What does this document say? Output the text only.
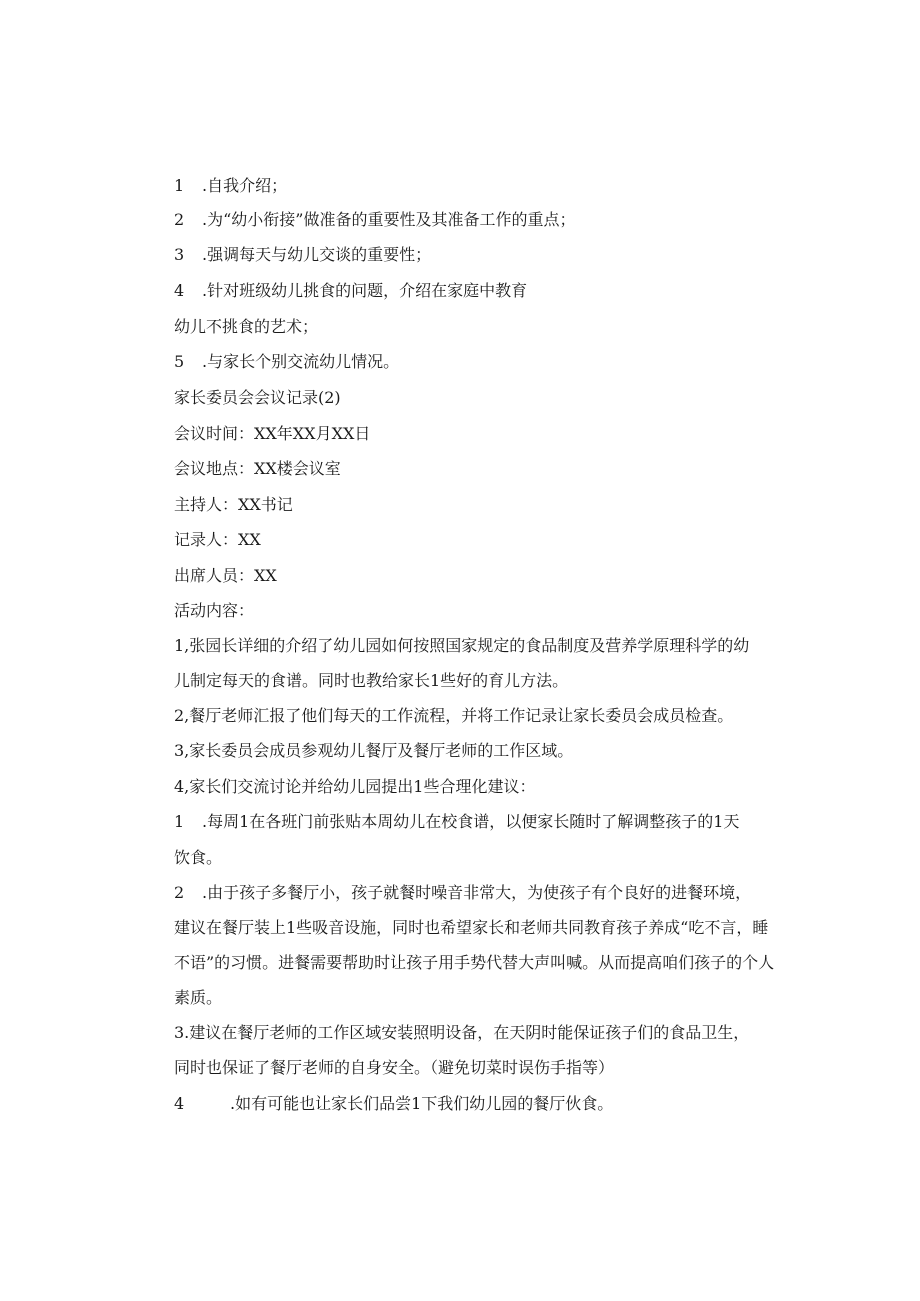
1 .自我介绍；
2 .为“幼小衔接”做准备的重要性及其准备工作的重点；
3 .强调每天与幼儿交谈的重要性；
4 .针对班级幼儿挑食的问题，介绍在家庭中教育
幼儿不挑食的艺术；
5 .与家长个别交流幼儿情况。
家长委员会会议记录(2)
会议时间：XX年XX月XX日
会议地点：XX楼会议室
主持人：XX书记
记录人：XX
出席人员：XX
活动内容：
1,张园长详细的介绍了幼儿园如何按照国家规定的食品制度及营养学原理科学的幼
儿制定每天的食谱。同时也教给家长1些好的育儿方法。
2,餐厅老师汇报了他们每天的工作流程，并将工作记录让家长委员会成员检查。
3,家长委员会成员参观幼儿餐厅及餐厅老师的工作区域。
4,家长们交流讨论并给幼儿园提出1些合理化建议：
1 .每周1在各班门前张贴本周幼儿在校食谱，以便家长随时了解调整孩子的1天
饮食。
2 .由于孩子多餐厅小，孩子就餐时噪音非常大，为使孩子有个良好的进餐环境，
建议在餐厅装上1些吸音设施，同时也希望家长和老师共同教育孩子养成“吃不言，睡
不语”的习惯。进餐需要帮助时让孩子用手势代替大声叫喊。从而提高咱们孩子的个人
素质。
3.建议在餐厅老师的工作区域安装照明设备，在天阴时能保证孩子们的食品卫生，
同时也保证了餐厅老师的自身安全。（避免切菜时误伤手指等）
4	.如有可能也让家长们品尝1下我们幼儿园的餐厅伙食。
